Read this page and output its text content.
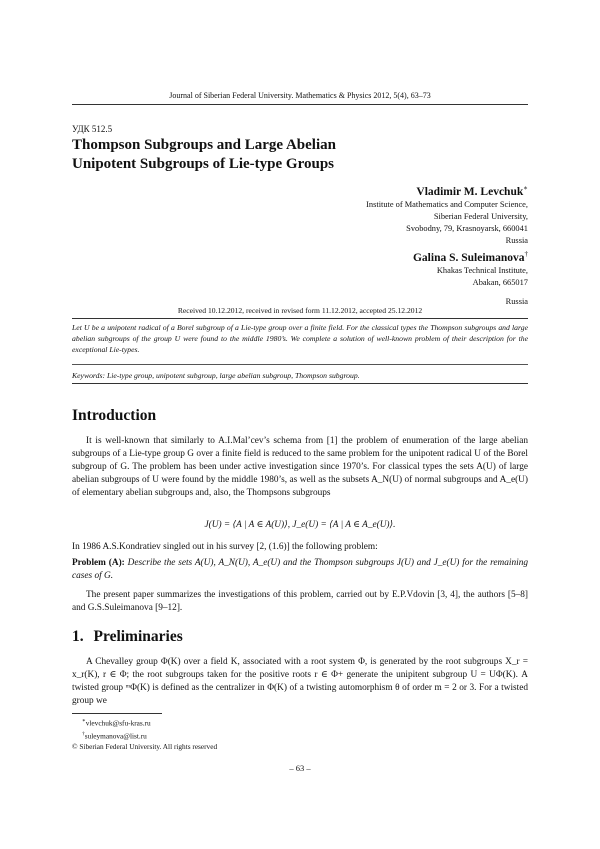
Journal of Siberian Federal University. Mathematics & Physics 2012, 5(4), 63–73
УДК 512.5
Thompson Subgroups and Large Abelian
Unipotent Subgroups of Lie-type Groups
Vladimir M. Levchuk∗
Institute of Mathematics and Computer Science,
Siberian Federal University,
Svobodny, 79, Krasnoyarsk, 660041
Russia
Galina S. Suleimanova†
Khakas Technical Institute,
Abakan, 665017
Russia
Received 10.12.2012, received in revised form 11.12.2012, accepted 25.12.2012
Let U be a unipotent radical of a Borel subgroup of a Lie-type group over a finite field. For the classical types the Thompson subgroups and large abelian subgroups of the group U were found to the middle 1980’s. We complete a solution of well-known problem of their description for the exceptional Lie-types.
Keywords: Lie-type group, unipotent subgroup, large abelian subgroup, Thompson subgroup.
Introduction
It is well-known that similarly to A.I.Mal’cev’s schema from [1] the problem of enumeration of the large abelian subgroups of a Lie-type group G over a finite field is reduced to the same problem for the unipotent radical U of the Borel subgroup of G. The problem has been under active investigation since 1970’s. For classical types the sets A(U) of large abelian subgroups of U were found by the middle 1980’s, as well as the subsets A_N(U) of normal subgroups and A_e(U) of elementary abelian subgroups and, also, the Thompsons subgroups
J(U) = ⟨A | A ∈ A(U)⟩, J_e(U) = ⟨A | A ∈ A_e(U)⟩.
In 1986 A.S.Kondratiev singled out in his survey [2, (1.6)] the following problem:
Problem (A): Describe the sets A(U), A_N(U), A_e(U) and the Thompson subgroups J(U) and J_e(U) for the remaining cases of G.
The present paper summarizes the investigations of this problem, carried out by E.P.Vdovin [3, 4], the authors [5–8] and G.S.Suleimanova [9–12].
1. Preliminaries
A Chevalley group Φ(K) over a field K, associated with a root system Φ, is generated by the root subgroups X_r = x_r(K), r ∈ Φ; the root subgroups taken for the positive roots r ∈ Φ+ generate the unipitent subgroup U = UΦ(K). A twisted group ᵐΦ(K) is defined as the centralizer in Φ(K) of a twisting automorphism θ of order m = 2 or 3. For a twisted group we
∗vlevchuk@sfu-kras.ru
†suleymanova@list.ru
© Siberian Federal University. All rights reserved
– 63 –
